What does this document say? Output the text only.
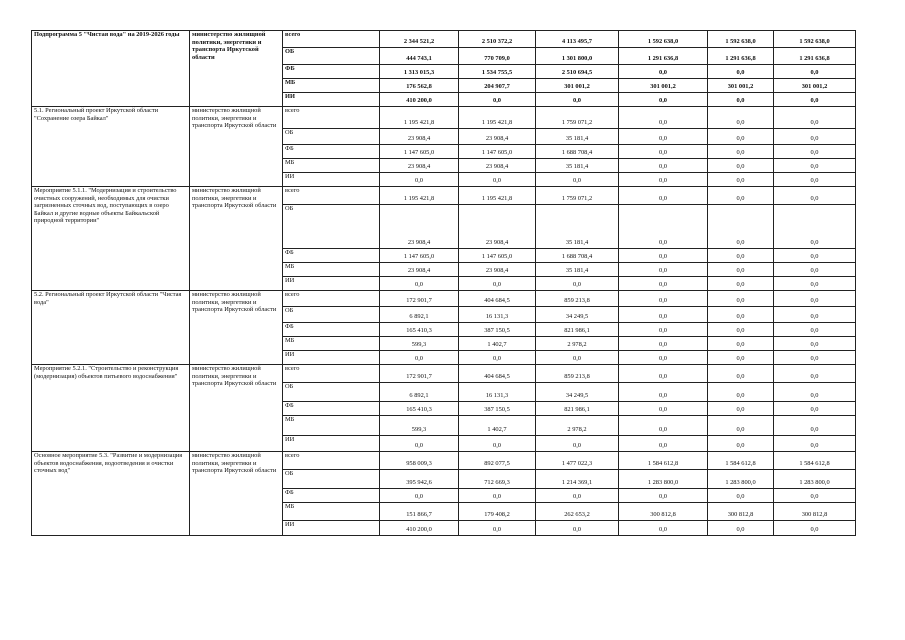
Подпрограмма 5 "Чистая вода" на 2019-2026 годы	министерство жилищной политики, энергетики и транспорта Иркутской области	всего	2 344 521,2	2 510 372,2	4 113 495,7	1 592 638,0	1 592 638,0	1 592 638,0
		ОБ	444 743,1	770 709,0	1 301 800,0	1 291 636,8	1 291 636,8	1 291 636,8
		ФБ	1 313 015,3	1 534 755,5	2 510 694,5	0,0	0,0	0,0
		МБ	176 562,8	204 907,7	301 001,2	301 001,2	301 001,2	301 001,2
		ИИ	410 200,0	0,0	0,0	0,0	0,0	0,0
5.1. Региональный проект Иркутской области "Сохранение озера Байкал"	министерство жилищной политики, энергетики и транспорта Иркутской области	всего	1 195 421,8	1 195 421,8	1 759 071,2	0,0	0,0	0,0
		ОБ	23 908,4	23 908,4	35 181,4	0,0	0,0	0,0
		ФБ	1 147 605,0	1 147 605,0	1 688 708,4	0,0	0,0	0,0
		МБ	23 908,4	23 908,4	35 181,4	0,0	0,0	0,0
		ИИ	0,0	0,0	0,0	0,0	0,0	0,0
Мероприятие 5.1.1. "Модернизация и строительство очистных сооружений, необходимых для очистки загрязненных сточных вод, поступающих в озеро Байкал и другие водные объекты Байкальской природной территории"	министерство жилищной политики, энергетики и транспорта Иркутской области	всего	1 195 421,8	1 195 421,8	1 759 071,2	0,0	0,0	0,0
		ОБ	23 908,4	23 908,4	35 181,4	0,0	0,0	0,0
		ФБ	1 147 605,0	1 147 605,0	1 688 708,4	0,0	0,0	0,0
		МБ	23 908,4	23 908,4	35 181,4	0,0	0,0	0,0
		ИИ	0,0	0,0	0,0	0,0	0,0	0,0
5.2. Региональный проект Иркутской области "Чистая вода"	министерство жилищной политики, энергетики и транспорта Иркутской области	всего	172 901,7	404 684,5	859 213,8	0,0	0,0	0,0
		ОБ	6 892,1	16 131,3	34 249,5	0,0	0,0	0,0
		ФБ	165 410,3	387 150,5	821 986,1	0,0	0,0	0,0
		МБ	599,3	1 402,7	2 978,2	0,0	0,0	0,0
		ИИ	0,0	0,0	0,0	0,0	0,0	0,0
Мероприятие 5.2.1. "Строительство и реконструкция (модернизация) объектов питьевого водоснабжения"	министерство жилищной политики, энергетики и транспорта Иркутской области	всего	172 901,7	404 684,5	859 213,8	0,0	0,0	0,0
		ОБ	6 892,1	16 131,3	34 249,5	0,0	0,0	0,0
		ФБ	165 410,3	387 150,5	821 986,1	0,0	0,0	0,0
		МБ	599,3	1 402,7	2 978,2	0,0	0,0	0,0
		ИИ	0,0	0,0	0,0	0,0	0,0	0,0
Основное мероприятие 5.3. "Развитие и модернизация объектов водоснабжения, водоотведения и очистки сточных вод"	министерство жилищной политики, энергетики и транспорта Иркутской области	всего	958 009,3	892 077,5	1 477 022,3	1 584 612,8	1 584 612,8	1 584 612,8
		ОБ	395 942,6	712 669,3	1 214 369,1	1 283 800,0	1 283 800,0	1 283 800,0
		ФБ	0,0	0,0	0,0	0,0	0,0	0,0
		МБ	151 866,7	179 408,2	262 653,2	300 812,8	300 812,8	300 812,8
		ИИ	410 200,0	0,0	0,0	0,0	0,0	0,0
